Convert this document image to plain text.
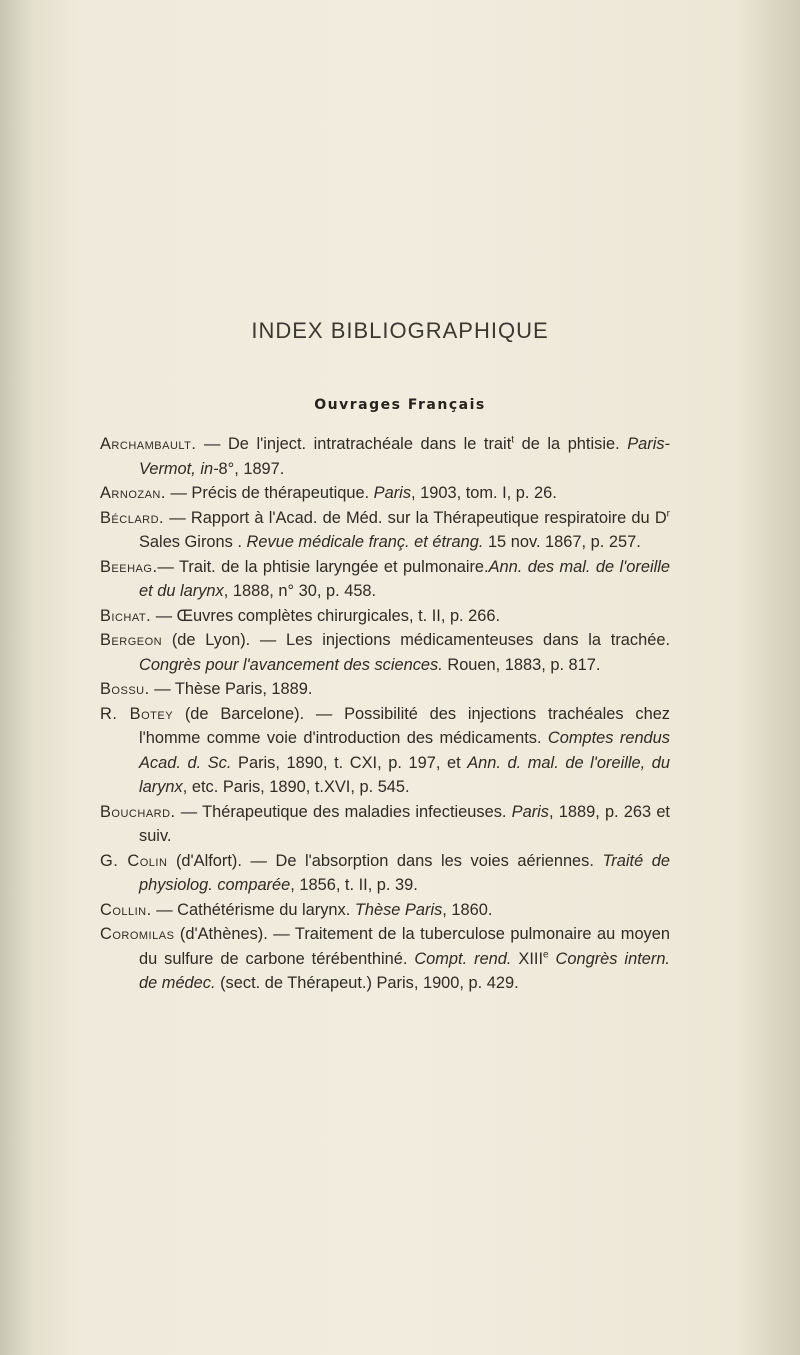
INDEX BIBLIOGRAPHIQUE
Ouvrages Français

Archambault. — De l'inject. intratrachéale dans le trait$^t$ de la phtisie. Paris-Vermot, in-8°, 1897.

Arnozan. — Précis de thérapeutique. Paris, 1903, tom. I, p. 26.

Béclard. — Rapport à l'Acad. de Méd. sur la Thérapeutique respiratoire du $D^r$ Sales Girons . Revue médicale franç. et étrang. 15 nov. 1867, p. 257.

Beehag.— Trait. de la phtisie laryngée et pulmonaire.Ann. des mal. de l'oreille et du larynx, 1888, n° 30, p. 458.

Bichat. — Œuvres complètes chirurgicales, t. II, p. 266.

Bergeon (de Lyon). — Les injections médicamenteuses dans la trachée. Congrès pour l'avancement des sciences. Rouen, 1883, p. 817.

Bossu. — Thèse Paris, 1889.

R. Botey (de Barcelone). — Possibilité des injections trachéales chez l'homme comme voie d'introduction des médicaments. Comptes rendus Acad. d. Sc. Paris, 1890, t. CXI, p. 197, et Ann. d. mal. de l'oreille, du larynx, etc. Paris, 1890, t.XVI, p. 545.

Bouchard. — Thérapeutique des maladies infectieuses. Paris, 1889, p. 263 et suiv.

G. Colin (d'Alfort). — De l'absorption dans les voies aériennes. Traité de physiolog. comparée, 1856, t. II, p. 39.

Collin. — Cathétérisme du larynx. Thèse Paris, 1860.

Coromilas (d'Athènes). — Traitement de la tuberculose pulmonaire au moyen du sulfure de carbone térébenthiné. Compt. rend. XIIIe Congrès intern. de médec. (sect. de Thérapeut.) Paris, 1900, p. 429.
